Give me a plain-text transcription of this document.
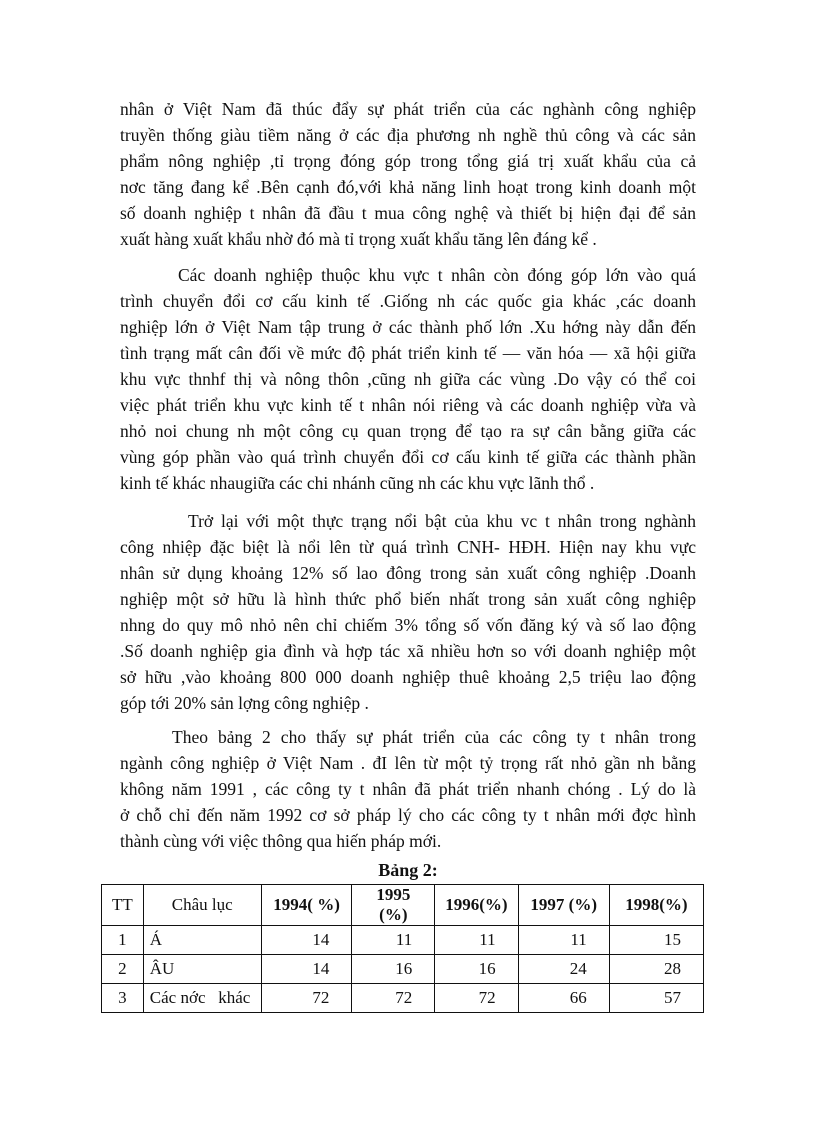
nhân ở Việt Nam đã thúc đẩy sự phát triển của các nghành công nghiệp
truyền thống giàu tiềm năng ở các địa phương nh nghề thủ công và các sản
phẩm nông nghiệp ,tỉ trọng đóng góp trong tổng giá trị xuất khẩu của cả
nơc tăng đang kể .Bên cạnh đó,với khả năng linh hoạt trong kinh doanh một
số doanh nghiệp t nhân đã đầu t mua công nghệ và thiết bị hiện đại để sản
xuất hàng xuất khẩu nhờ đó mà tỉ trọng xuất khẩu tăng lên đáng kể .
Các doanh nghiệp thuộc khu vực t nhân còn đóng góp lớn vào quá
trình chuyển đổi cơ cấu kinh tế .Giống nh các quốc gia khác ,các doanh
nghiệp lớn ở Việt Nam tập trung ở các thành phố lớn .Xu hớng này dẫn đến
tình trạng mất cân đối về mức độ phát triển kinh tế — văn hóa — xã hội giữa
khu vực thnhf thị và nông thôn ,cũng nh giữa các vùng .Do vậy có thể coi
việc phát triển khu vực kinh tế t nhân nói riêng và các doanh nghiệp vừa và
nhỏ noi chung nh một công cụ quan trọng để tạo ra sự cân bằng giữa các
vùng góp phần vào quá trình chuyển đổi cơ cấu kinh tế giữa các thành phần
kinh tế khác nhaugiữa các chi nhánh cũng nh các khu vực lãnh thổ .
Trở lại với một thực trạng nổi bật của khu vc t nhân trong nghành
công nhiệp đặc biệt là nổi lên từ quá trình CNH- HĐH. Hiện nay khu vực
nhân sử dụng khoảng 12% số lao đông trong sản xuất công nghiệp .Doanh
nghiệp một sở hữu là hình thức phổ biến nhất trong sản xuất công nghiệp
nhng do quy mô nhỏ nên chỉ chiếm 3% tổng số vốn đăng ký và số lao động
.Số doanh nghiệp gia đình và hợp tác xã nhiều hơn so với doanh nghiệp một
sở hữu ,vào khoảng 800 000 doanh nghiệp thuê khoảng 2,5 triệu lao động
góp tới 20% sản lợng công nghiệp .
Theo bảng 2 cho thấy sự phát triển của các công ty t nhân trong
ngành công nghiệp ở Việt Nam . đI lên từ một tỷ trọng rất nhỏ gần nh bằng
không năm 1991 , các công ty t nhân đã phát triển nhanh chóng . Lý do là
ở chỗ chỉ đến năm 1992 cơ sở pháp lý cho các công ty t nhân mới đợc hình
thành cùng với việc thông qua hiến pháp mới.
Bảng 2:
TT	Châu lục	1994( %)	1995 (%)	1996(%)	1997 (%)	1998(%)
1	Á	14	11	11	11	15
2	ÂU	14	16	16	24	28
3	Các nớc   khác	72	72	72	66	57
